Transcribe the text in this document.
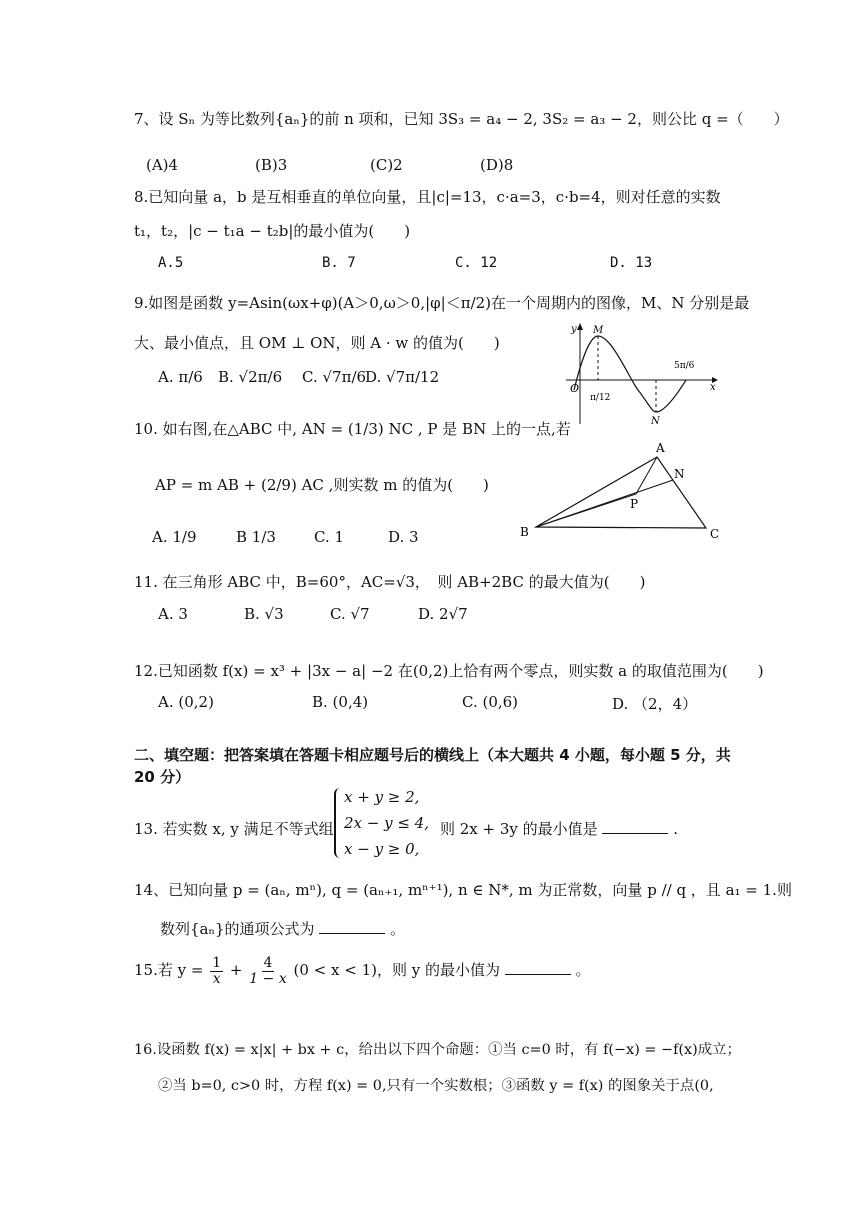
7、设 Sₙ 为等比数列{aₙ}的前 n 项和，已知 3S₃ = a₄ − 2, 3S₂ = a₃ − 2，则公比 q =（　　）
(A)4	(B)3	(C)2	(D)8
8.已知向量 a，b 是互相垂直的单位向量，且|c|=13，c·a=3，c·b=4，则对任意的实数
t₁，t₂，|c − t₁a − t₂b|的最小值为(　　)
A.5	B. 7	C. 12	D. 13
9.如图是函数 y=Asin(ωx+φ)(A＞0,ω＞0,|φ|＜π/2)在一个周期内的图像，M、N 分别是最
大、最小值点，且 OM ⊥ ON，则 A · w 的值为(　　)
A. π/6 B. √2π/6 C. √7π/6
D. √7π/12
y
x
O
M
N
π/12
5π/6
10. 如右图,在△ABC 中, AN = (1/3) NC , P 是 BN 上的一点,若
AP = m AB + (2/9) AC ,则实数 m 的值为(　　)
A. 1/9	B 1/3	C. 1	D. 3
A
B	C
N
P
11. 在三角形 ABC 中，B=60°，AC=√3，　则 AB+2BC 的最大值为(　　)
A. 3	B. √3	C. √7	D. 2√7
12.已知函数 f(x) = x³ + |3x − a| −2 在(0,2)上恰有两个零点，则实数 a 的取值范围为(　　)
A. (0,2)	B. (0,4)	C. (0,6)	D. （2，4）
二、填空题：把答案填在答题卡相应题号后的横线上（本大题共 4 小题，每小题 5 分，共
20 分）
13. 若实数 x, y 满足不等式组
x + y ≥ 2,
2x − y ≤ 4,
x − y ≥ 0,
则 2x + 3y 的最小值是	.
14、已知向量 p = (aₙ, mⁿ), q = (aₙ₊₁, mⁿ⁺¹), n ∈ N*, m 为正常数，向量 p // q ，且 a₁ = 1.则
数列{aₙ}的通项公式为	。
15.若 $y = \frac{1}{x} + \frac{4}{1 - x} (0 < x < 1)$，则 y 的最小值为	。
16.设函数 f(x) = x|x| + bx + c，给出以下四个命题：①当 c=0 时，有 f(−x) = −f(x)成立；
②当 b=0, c>0 时，方程 f(x) = 0,只有一个实数根；③函数 y = f(x) 的图象关于点(0,
